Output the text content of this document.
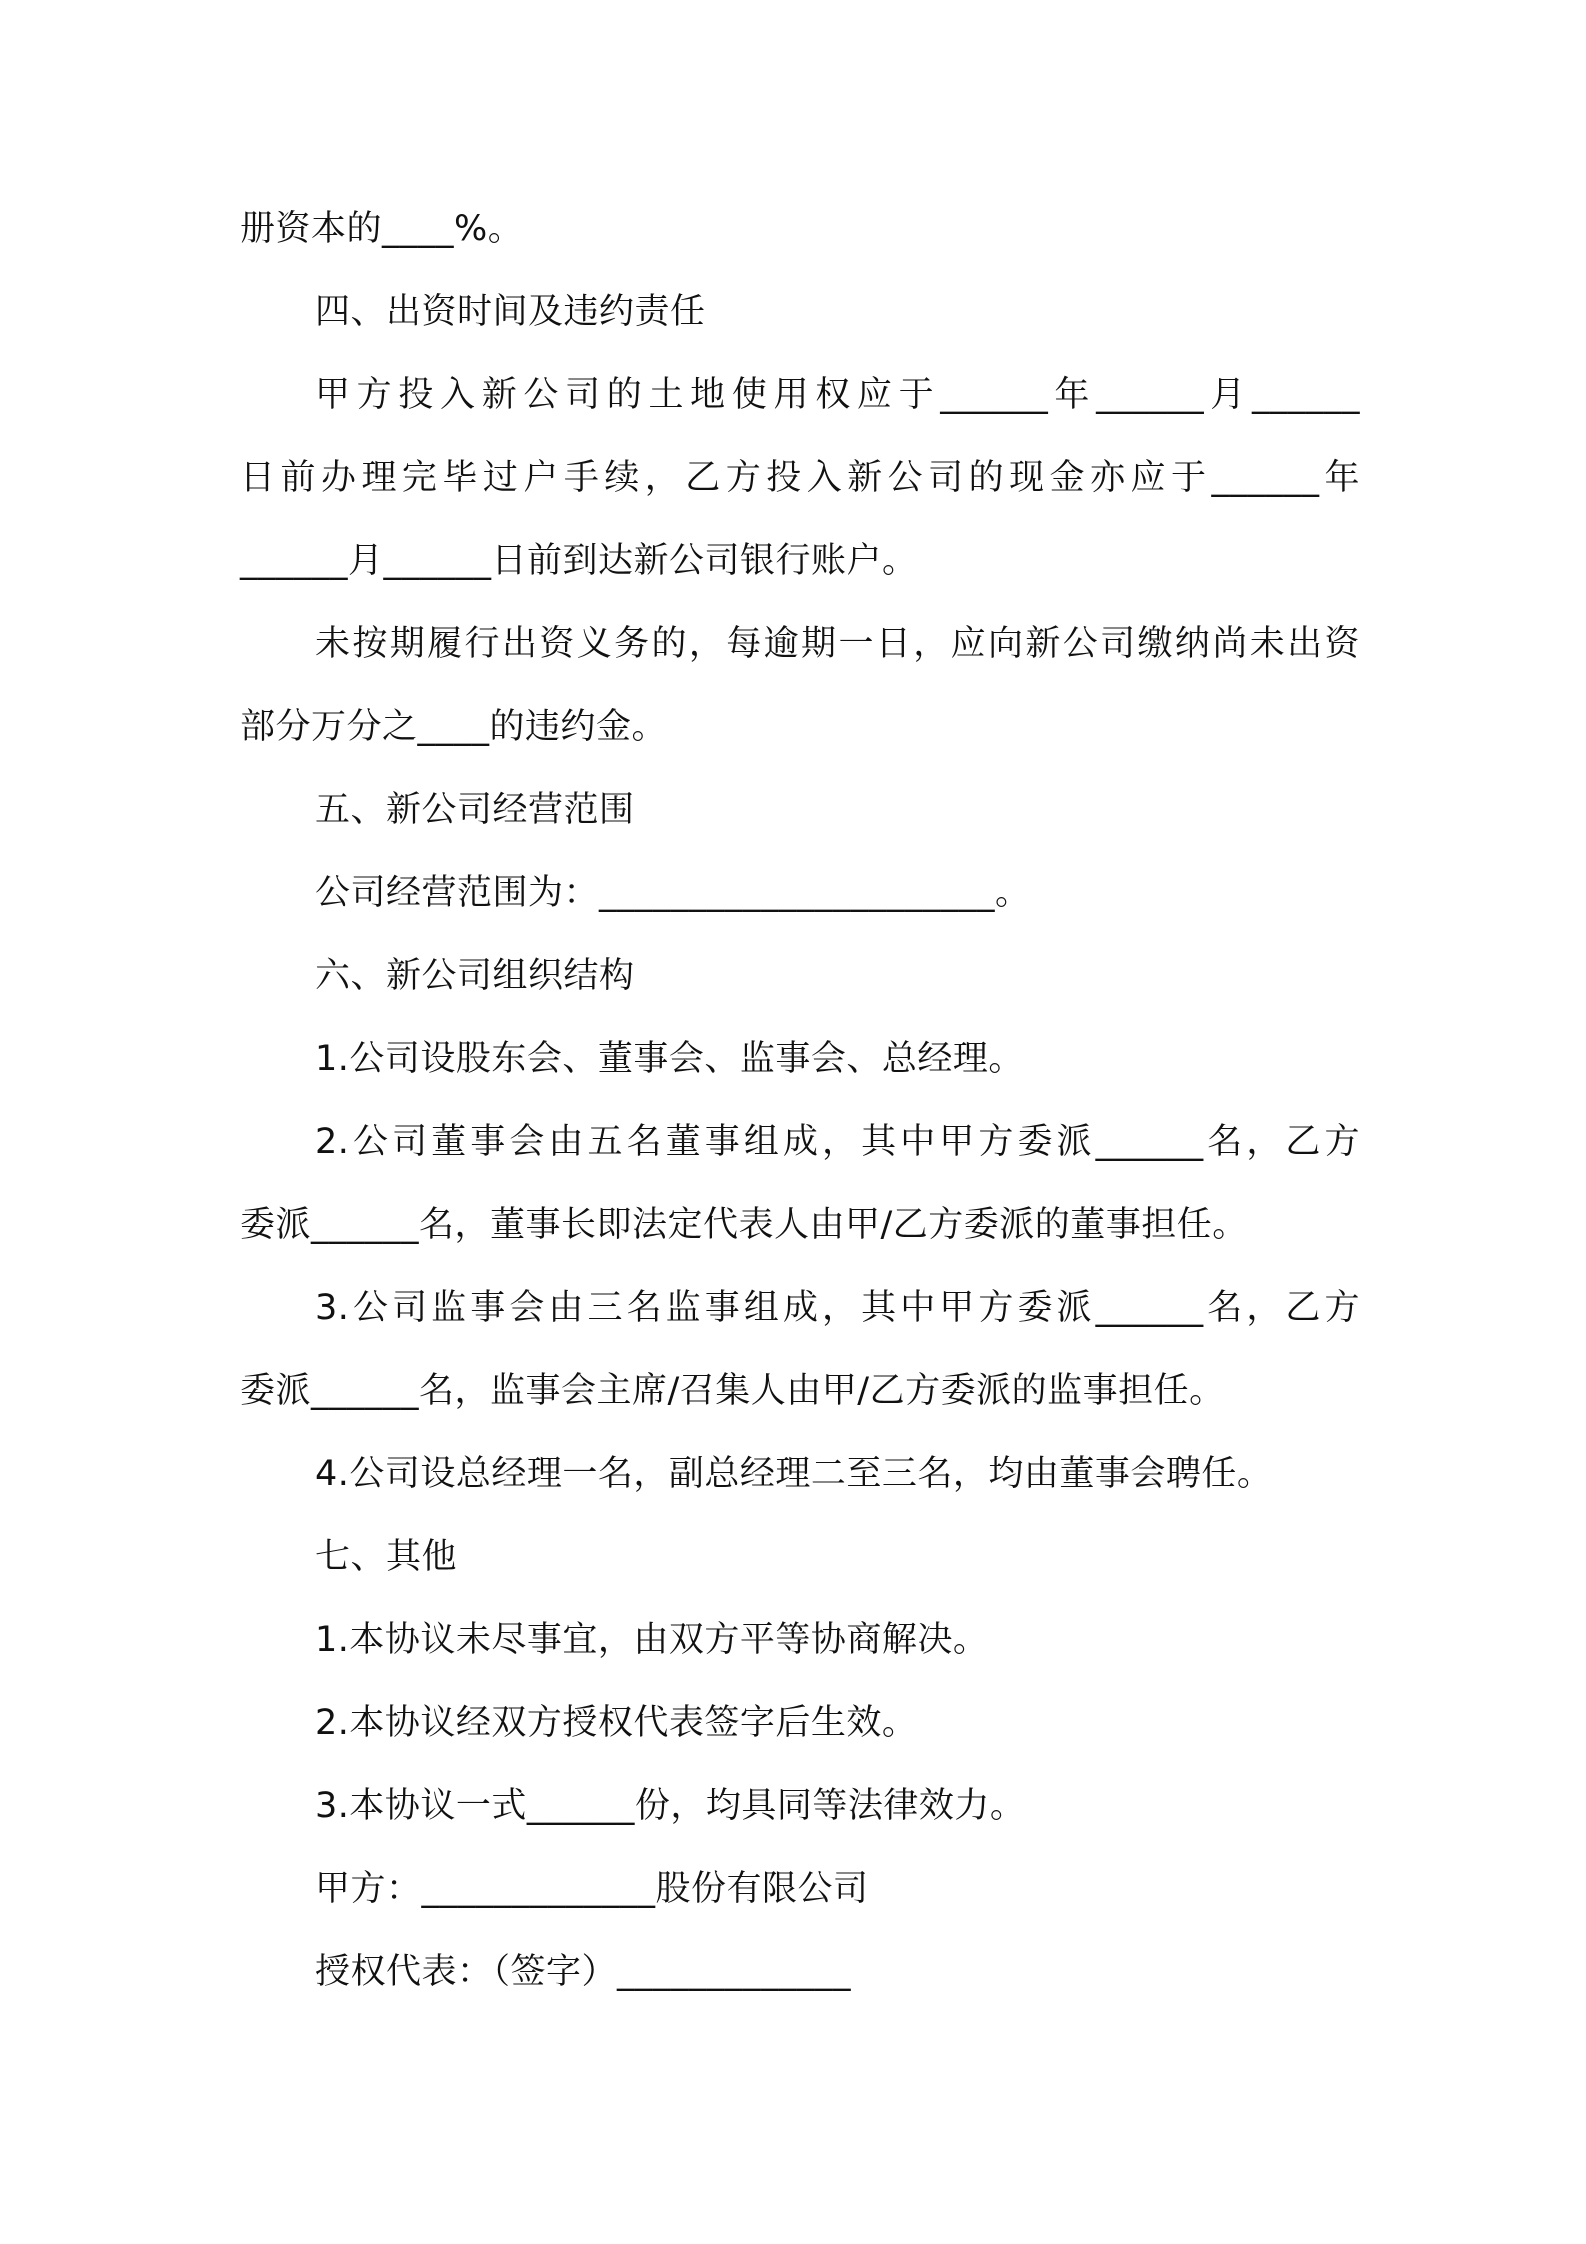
册资本的____%。
四、出资时间及违约责任
甲方投入新公司的土地使用权应于______年______月______
日前办理完毕过户手续，乙方投入新公司的现金亦应于______年
______月______日前到达新公司银行账户。
未按期履行出资义务的，每逾期一日，应向新公司缴纳尚未出资
部分万分之____的违约金。
五、新公司经营范围
公司经营范围为：______________________。
六、新公司组织结构
1.公司设股东会、董事会、监事会、总经理。
2.公司董事会由五名董事组成，其中甲方委派______名，乙方
委派______名，董事长即法定代表人由甲/乙方委派的董事担任。
3.公司监事会由三名监事组成，其中甲方委派______名，乙方
委派______名，监事会主席/召集人由甲/乙方委派的监事担任。
4.公司设总经理一名，副总经理二至三名，均由董事会聘任。
七、其他
1.本协议未尽事宜，由双方平等协商解决。
2.本协议经双方授权代表签字后生效。
3.本协议一式______份，均具同等法律效力。
甲方：_____________股份有限公司
授权代表：（签字）_____________
